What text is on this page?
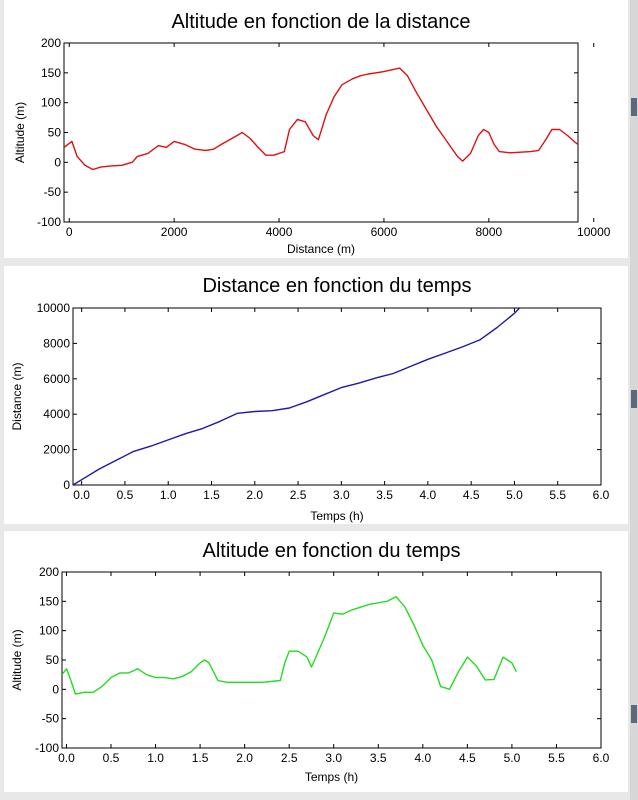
Altitude en fonction de la distance
0	2000	4000	6000	8000	10000
-100
-50
0
50
100
150
200
Distance (m)
Altitude (m)
Distance en fonction du temps
0.0 0.5 1.0 1.5 2.0 2.5 3.0 3.5 4.0 4.5 5.0 5.5 6.0
0
2000
4000
6000
8000
10000
Temps (h)
Distance (m)
Altitude en fonction du temps
0.0 0.5 1.0 1.5 2.0 2.5 3.0 3.5 4.0 4.5 5.0 5.5 6.0
-100
-50
0
50
100
150
200
Temps (h)
Altitude (m)
